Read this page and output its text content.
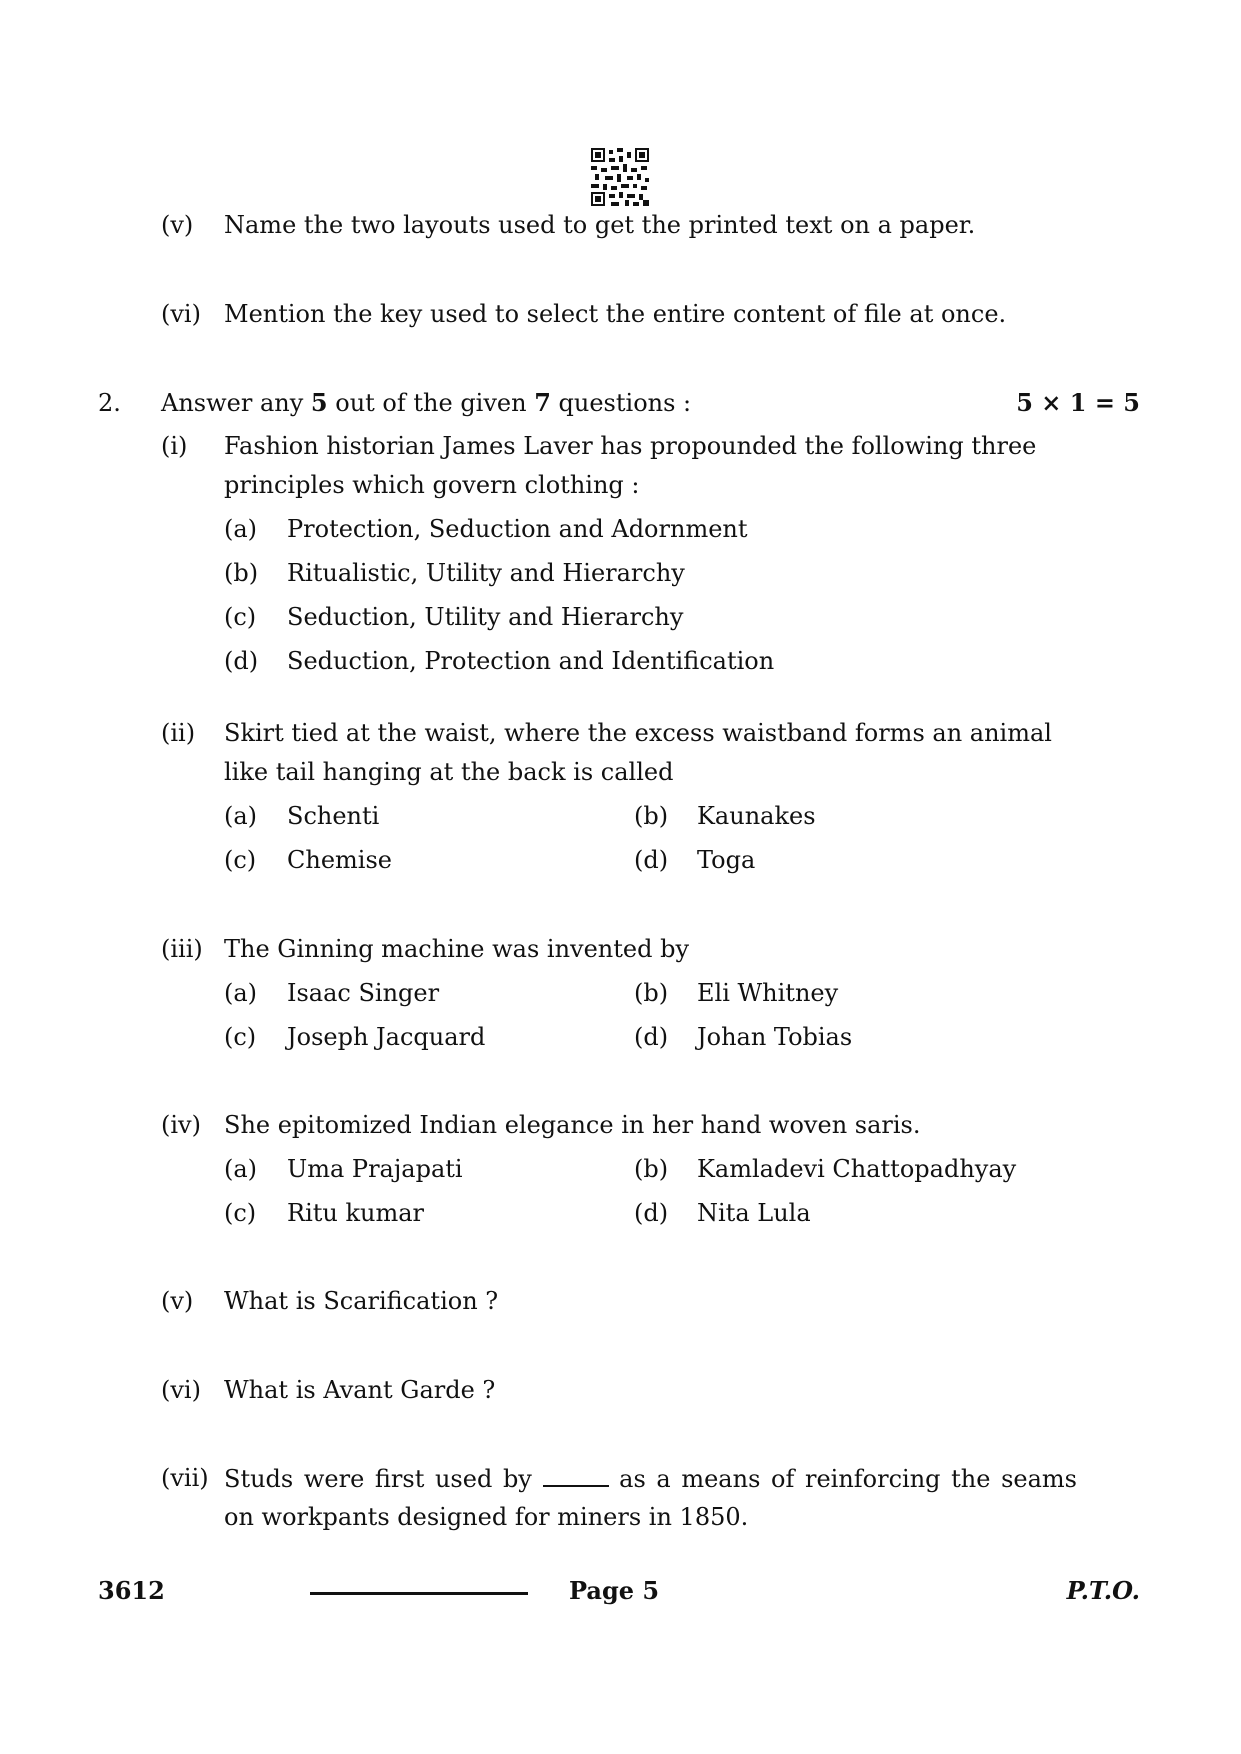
(v) Name the two layouts used to get the printed text on a paper.
(vi) Mention the key used to select the entire content of file at once.
2. Answer any 5 out of the given 7 questions :	5 × 1 = 5
(i) Fashion historian James Laver has propounded the following three
principles which govern clothing :
(a) Protection, Seduction and Adornment
(b) Ritualistic, Utility and Hierarchy
(c) Seduction, Utility and Hierarchy
(d) Seduction, Protection and Identification
(ii) Skirt tied at the waist, where the excess waistband forms an animal
like tail hanging at the back is called
(a) Schenti	(b) Kaunakes
(c) Chemise	(d) Toga
(iii) The Ginning machine was invented by
(a) Isaac Singer	(b) Eli Whitney
(c) Joseph Jacquard	(d) Johan Tobias
(iv) She epitomized Indian elegance in her hand woven saris.
(a) Uma Prajapati	(b) Kamladevi Chattopadhyay
(c) Ritu kumar	(d) Nita Lula
(v) What is Scarification ?
(vi) What is Avant Garde ?
(vii) Studs were first used by	as a means of reinforcing the seams
on workpants designed for miners in 1850.
3612	Page 5	P.T.O.
